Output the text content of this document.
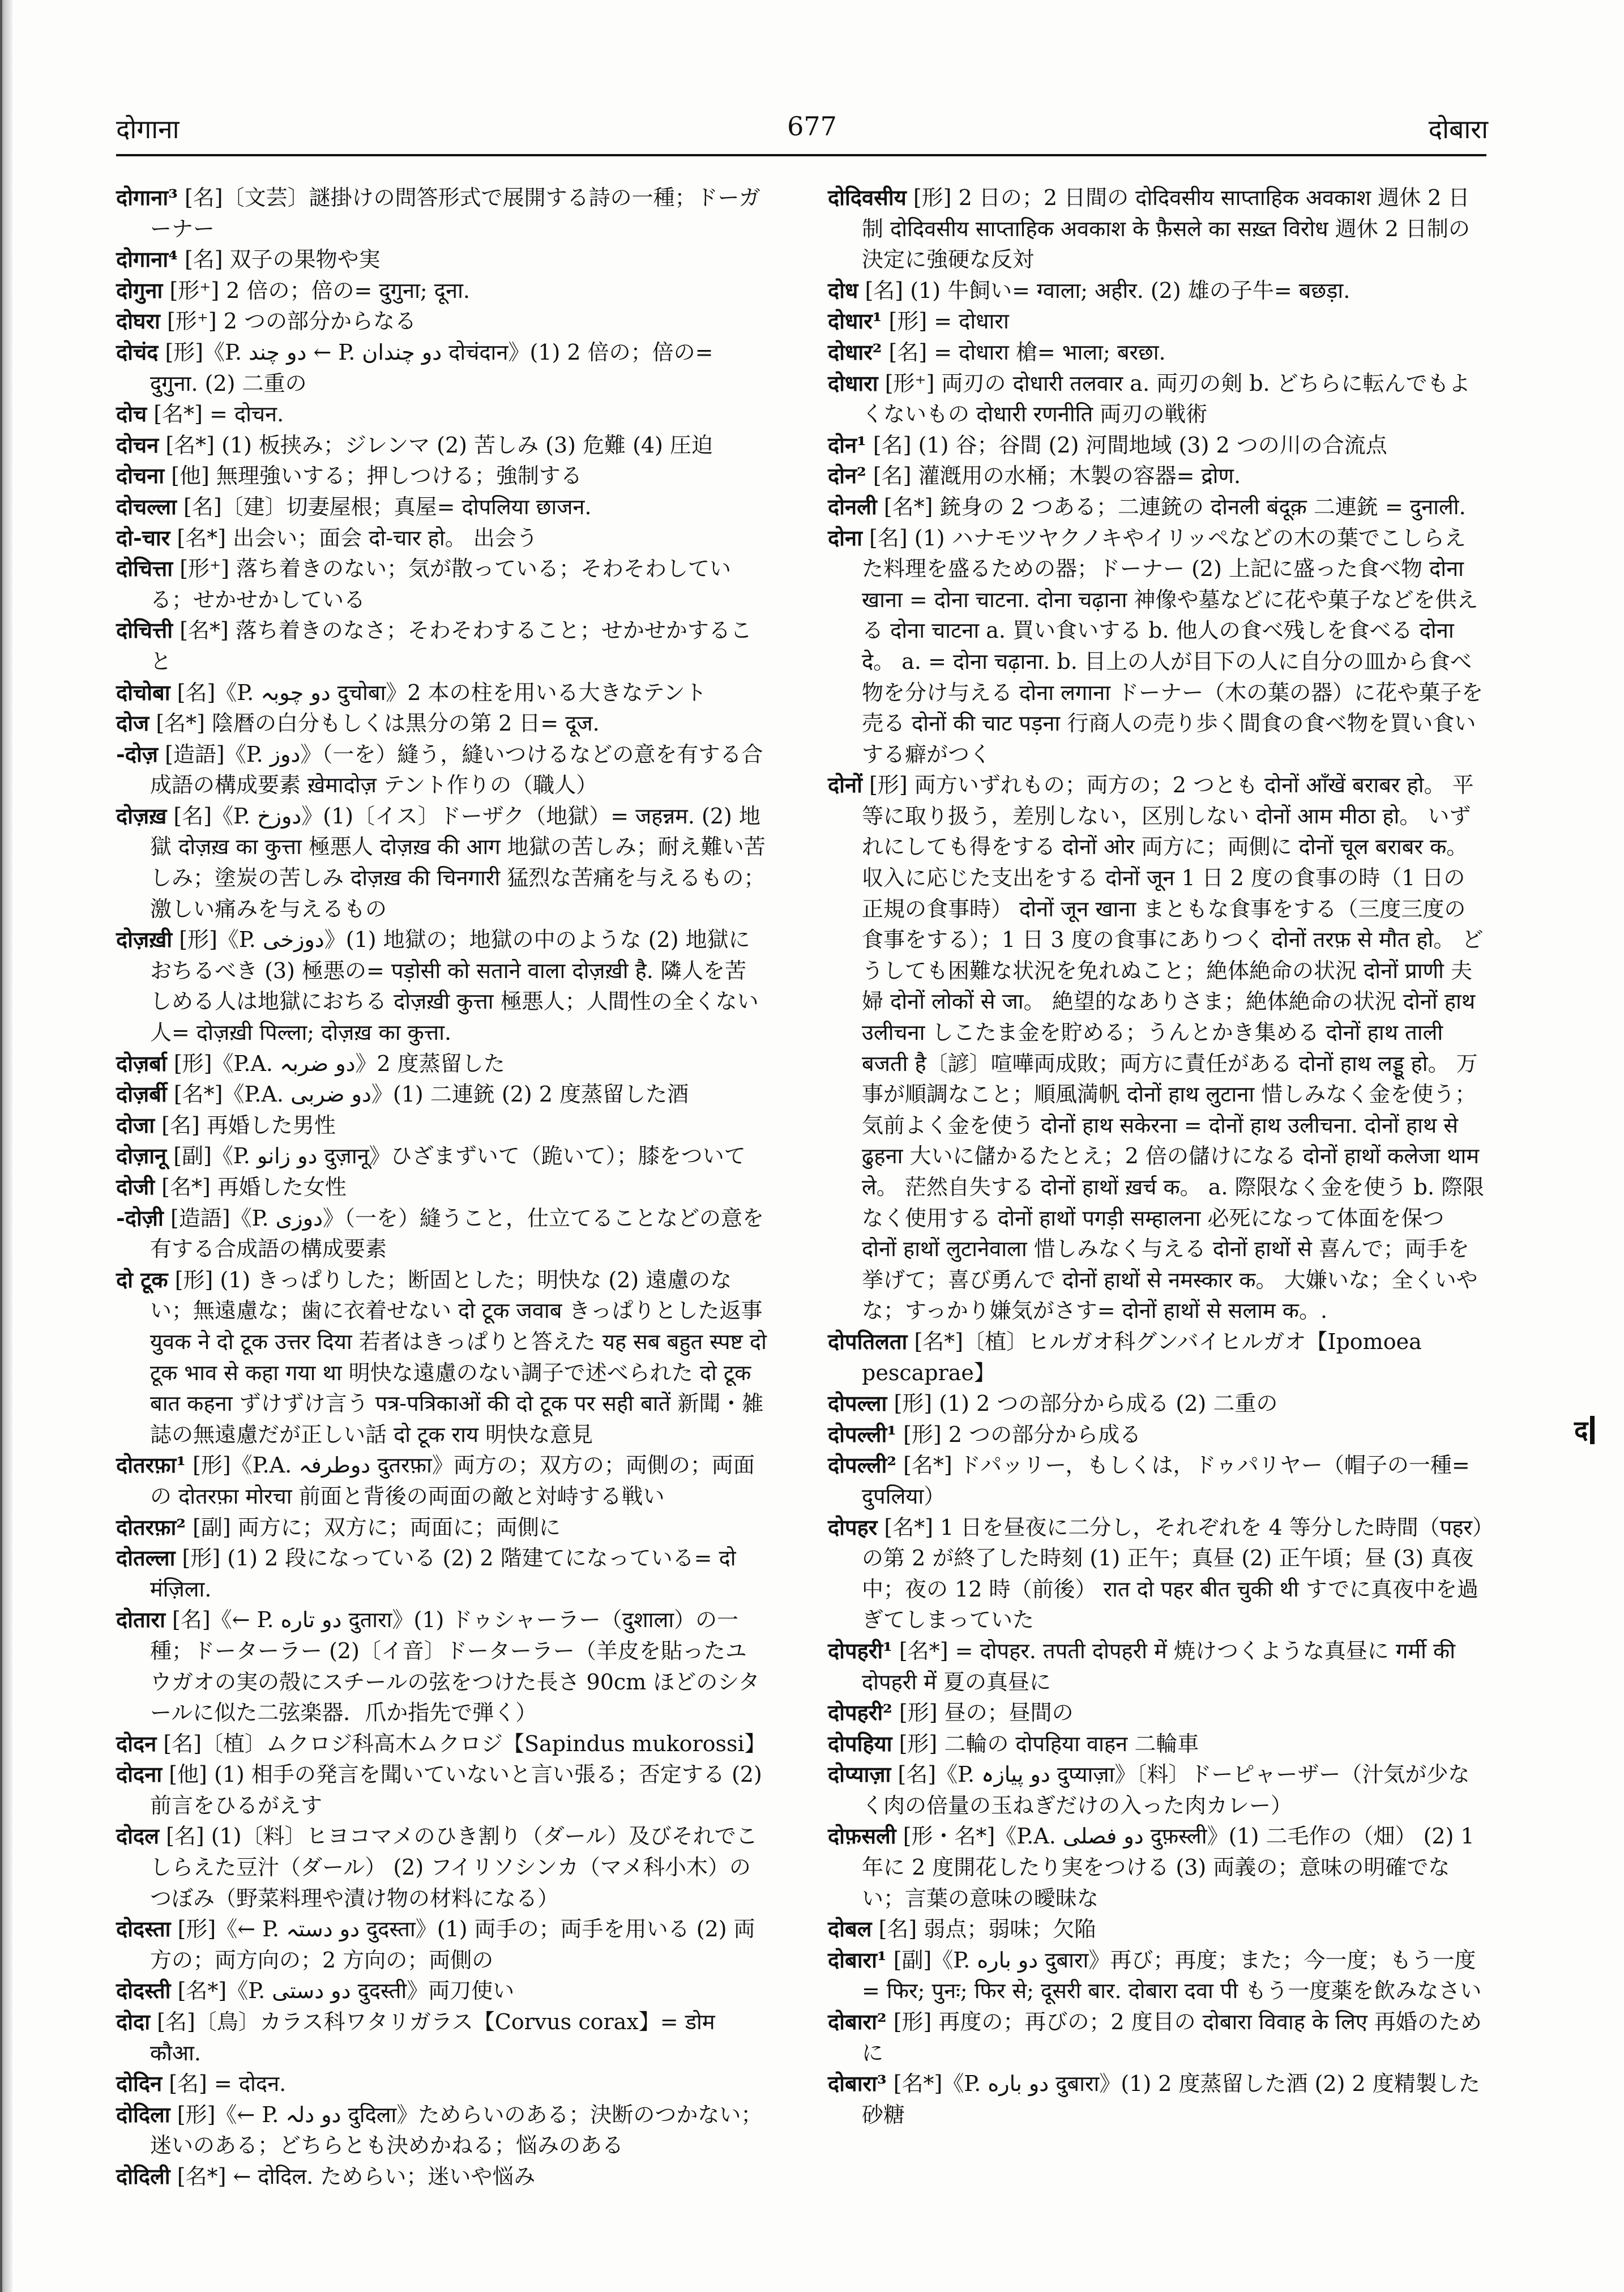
677
दोगाना	दोबारा

दोगाना³ [名]〔文芸〕謎掛けの問答形式で展開する詩の一種；ドーガーナー

दोगाना⁴ [名] 双子の果物や実

दोगुना [形⁺] 2 倍の；倍の= दुगुना; दूना.

दोघरा [形⁺] 2 つの部分からなる

दोचंद [形]《P. دو چند ← P. دو چندان दोचंदान》(1) 2 倍の；倍の= दुगुना. (2) 二重の

दोच [名*] = दोचन.

दोचन [名*] (1) 板挟み；ジレンマ (2) 苦しみ (3) 危難 (4) 圧迫

दोचना [他] 無理強いする；押しつける；強制する

दोचल्ला [名]〔建〕切妻屋根；真屋= दोपलिया छाजन.

दो-चार [名*] 出会い；面会 दो-चार हो。 出会う

दोचित्ता [形⁺] 落ち着きのない；気が散っている；そわそわしている；せかせかしている

दोचित्ती [名*] 落ち着きのなさ；そわそわすること；せかせかすること

दोचोबा [名]《P. دو چوبہ दुचोबा》2 本の柱を用いる大きなテント

दोज [名*] 陰暦の白分もしくは黒分の第 2 日= दूज.

-दोज़ [造語]《P. دوز》（一を）縫う，縫いつけるなどの意を有する合成語の構成要素 ख़ेमादोज़ テント作りの（職人）

दोज़ख़ [名]《P. دوزخ》(1)〔イス〕ドーザク（地獄）= जहन्नम. (2) 地獄 दोज़ख़ का कुत्ता 極悪人 दोज़ख़ की आग 地獄の苦しみ；耐え難い苦しみ；塗炭の苦しみ दोज़ख़ की चिनगारी 猛烈な苦痛を与えるもの；激しい痛みを与えるもの

दोज़ख़ी [形]《P. دوزخی》(1) 地獄の；地獄の中のような (2) 地獄におちるべき (3) 極悪の= पड़ोसी को सताने वाला दोज़ख़ी है. 隣人を苦しめる人は地獄におちる दोज़ख़ी कुत्ता 極悪人；人間性の全くない人= दोज़ख़ी पिल्ला; दोज़ख़ का कुत्ता.

दोज़र्बा [形]《P.A. دو ضربہ》2 度蒸留した

दोज़र्बी [名*]《P.A. دو ضربی》(1) 二連銃 (2) 2 度蒸留した酒

दोजा [名] 再婚した男性

दोज़ानू [副]《P. دو زانو दुज़ानू》ひざまずいて（跪いて）；膝をついて

दोजी [名*] 再婚した女性

-दोज़ी [造語]《P. دوزی》（一を）縫うこと，仕立てることなどの意を有する合成語の構成要素

दो टूक [形] (1) きっぱりした；断固とした；明快な (2) 遠慮のない；無遠慮な；歯に衣着せない दो टूक जवाब きっぱりとした返事 युवक ने दो टूक उत्तर दिया 若者はきっぱりと答えた यह सब बहुत स्पष्ट दो टूक भाव से कहा गया था 明快な遠慮のない調子で述べられた दो टूक बात कहना ずけずけ言う पत्र-पत्रिकाओं की दो टूक पर सही बातें 新聞・雑誌の無遠慮だが正しい話 दो टूक राय 明快な意見

दोतरफ़ा¹ [形]《P.A. دوطرفہ दुतरफ़ा》両方の；双方の；両側の；両面の दोतरफ़ा मोरचा 前面と背後の両面の敵と対峙する戦い

दोतरफ़ा² [副] 両方に；双方に；両面に；両側に

दोतल्ला [形] (1) 2 段になっている (2) 2 階建てになっている= दो मंज़िला.

दोतारा [名]《← P. دو تاره दुतारा》(1) ドゥシャーラー（दुशाला）の一種；ドーターラー (2)〔イ音〕ドーターラー（羊皮を貼ったユウガオの実の殻にスチールの弦をつけた長さ 90cm ほどのシタールに似た二弦楽器．爪か指先で弾く）

दोदन [名]〔植〕ムクロジ科高木ムクロジ【Sapindus mukorossi】

दोदना [他] (1) 相手の発言を聞いていないと言い張る；否定する (2) 前言をひるがえす

दोदल [名] (1)〔料〕ヒヨコマメのひき割り（ダール）及びそれでこしらえた豆汁（ダール） (2) フイリソシンカ（マメ科小木）のつぼみ（野菜料理や漬け物の材料になる）

दोदस्ता [形]《← P. دو دستہ दुदस्ता》(1) 両手の；両手を用いる (2) 両方の；両方向の；2 方向の；両側の

दोदस्ती [名*]《P. دو دستی दुदस्ती》両刀使い

दोदा [名]〔鳥〕カラス科ワタリガラス【Corvus corax】= डोम कौआ.

दोदिन [名] = दोदन.

दोदिला [形]《← P. دو دلہ दुदिला》ためらいのある；決断のつかない；迷いのある；どちらとも決めかねる；悩みのある

दोदिली [名*] ← दोदिल. ためらい；迷いや悩み

दोदिवसीय [形] 2 日の；2 日間の दोदिवसीय साप्ताहिक अवकाश 週休 2 日制 दोदिवसीय साप्ताहिक अवकाश के फ़ैसले का सख़्त विरोध 週休 2 日制の決定に強硬な反対

दोध [名] (1) 牛飼い= ग्वाला; अहीर. (2) 雄の子牛= बछड़ा.

दोधार¹ [形] = दोधारा

दोधार² [名] = दोधारा 槍= भाला; बरछा.

दोधारा [形⁺] 両刃の दोधारी तलवार a. 両刃の剣 b. どちらに転んでもよくないもの दोधारी रणनीति 両刃の戦術

दोन¹ [名] (1) 谷；谷間 (2) 河間地域 (3) 2 つの川の合流点

दोन² [名] 灌漑用の水桶；木製の容器= द्रोण.

दोनली [名*] 銃身の 2 つある；二連銃の दोनली बंदूक़ 二連銃 = दुनाली.

दोना [名] (1) ハナモツヤクノキやイリッペなどの木の葉でこしらえた料理を盛るための器；ドーナー (2) 上記に盛った食べ物 दोना खाना = दोना चाटना. दोना चढ़ाना 神像や墓などに花や菓子などを供える दोना चाटना a. 買い食いする b. 他人の食べ残しを食べる दोना दे。 a. = दोना चढ़ाना. b. 目上の人が目下の人に自分の皿から食べ物を分け与える दोना लगाना ドーナー（木の葉の器）に花や菓子を売る दोनों की चाट पड़ना 行商人の売り歩く間食の食べ物を買い食いする癖がつく

दोनों [形] 両方いずれもの；両方の；2 つとも दोनों आँखें बराबर हो。 平等に取り扱う，差別しない，区別しない दोनों आम मीठा हो。 いずれにしても得をする दोनों ओर 両方に；両側に दोनों चूल बराबर क。 収入に応じた支出をする दोनों जून 1 日 2 度の食事の時（1 日の正規の食事時） दोनों जून खाना まともな食事をする（三度三度の食事をする）；1 日 3 度の食事にありつく दोनों तरफ़ से मौत हो。 どうしても困難な状況を免れぬこと；絶体絶命の状況 दोनों प्राणी 夫婦 दोनों लोकों से जा。 絶望的なありさま；絶体絶命の状況 दोनों हाथ उलीचना しこたま金を貯める；うんとかき集める दोनों हाथ ताली बजती है〔諺〕喧嘩両成敗；両方に責任がある दोनों हाथ लड्डू हो。 万事が順調なこと；順風満帆 दोनों हाथ लुटाना 惜しみなく金を使う；気前よく金を使う दोनों हाथ सकेरना = दोनों हाथ उलीचना. दोनों हाथ से ढुहना 大いに儲かるたとえ；2 倍の儲けになる दोनों हाथों कलेजा थाम ले。 茫然自失する दोनों हाथों ख़र्च क。 a. 際限なく金を使う b. 際限なく使用する दोनों हाथों पगड़ी सम्हालना 必死になって体面を保つ दोनों हाथों लुटानेवाला 惜しみなく与える दोनों हाथों से 喜んで；両手を挙げて；喜び勇んで दोनों हाथों से नमस्कार क。 大嫌いな；全くいやな；すっかり嫌気がさす= दोनों हाथों से सलाम क。.

दोपतिलता [名*]〔植〕ヒルガオ科グンバイヒルガオ【Ipomoea pescaprae】

दोपल्ला [形] (1) 2 つの部分から成る (2) 二重の

दोपल्ली¹ [形] 2 つの部分から成る

दोपल्ली² [名*] ドパッリー，もしくは，ドゥパリヤー（帽子の一種= दुपलिया）

दोपहर [名*] 1 日を昼夜に二分し，それぞれを 4 等分した時間（पहर）の第 2 が終了した時刻 (1) 正午；真昼 (2) 正午頃；昼 (3) 真夜中；夜の 12 時（前後） रात दो पहर बीत चुकी थी すでに真夜中を過ぎてしまっていた

दोपहरी¹ [名*] = दोपहर. तपती दोपहरी में 焼けつくような真昼に गर्मी की दोपहरी में 夏の真昼に

दोपहरी² [形] 昼の；昼間の

दोपहिया [形] 二輪の दोपहिया वाहन 二輪車

दोप्याज़ा [名]《P. دو پیازہ दुप्याज़ा》〔料〕ドーピャーザー（汁気が少なく肉の倍量の玉ねぎだけの入った肉カレー）

दोफ़सली [形・名*]《P.A. دو فصلی दुफ़स्ली》(1) 二毛作の（畑） (2) 1 年に 2 度開花したり実をつける (3) 両義の；意味の明確でない；言葉の意味の曖昧な

दोबल [名] 弱点；弱味；欠陥

दोबारा¹ [副]《P. دو باره दुबारा》再び；再度；また；今一度；もう一度= फिर; पुनः; फिर से; दूसरी बार. दोबारा दवा पी もう一度薬を飲みなさい

दोबारा² [形] 再度の；再びの；2 度目の दोबारा विवाह के लिए 再婚のために

दोबारा³ [名*]《P. دو باره दुबारा》(1) 2 度蒸留した酒 (2) 2 度精製した砂糖

द
